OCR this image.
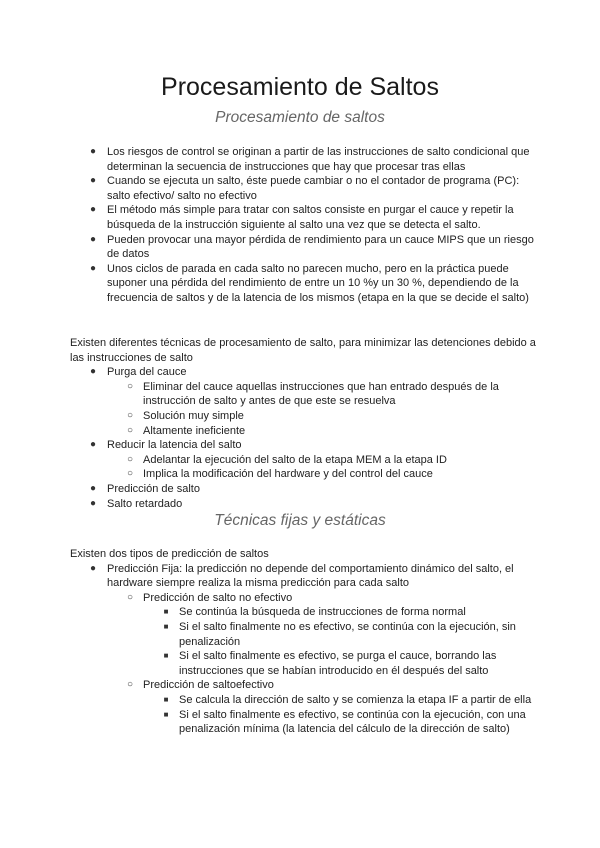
Procesamiento de Saltos
Procesamiento de saltos
● Los riesgos de control se originan a partir de las instrucciones de salto condicional que determinan la secuencia de instrucciones que hay que procesar tras ellas
● Cuando se ejecuta un salto, éste puede cambiar o no el contador de programa (PC): salto efectivo/ salto no efectivo
● El método más simple para tratar con saltos consiste en purgar el cauce y repetir la búsqueda de la instrucción siguiente al salto una vez que se detecta el salto.
● Pueden provocar una mayor pérdida de rendimiento para un cauce MIPS que un riesgo de datos
● Unos ciclos de parada en cada salto no parecen mucho, pero en la práctica puede suponer una pérdida del rendimiento de entre un 10 %y un 30 %, dependiendo de la frecuencia de saltos y de la latencia de los mismos (etapa en la que se decide el salto)

Existen diferentes técnicas de procesamiento de salto, para minimizar las detenciones debido a las instrucciones de salto

● Purga del cauce
○ Eliminar del cauce aquellas instrucciones que han entrado después de la instrucción de salto y antes de que este se resuelva
○ Solución muy simple
○ Altamente ineficiente
● Reducir la latencia del salto
○ Adelantar la ejecución del salto de la etapa MEM a la etapa ID
○ Implica la modificación del hardware y del control del cauce
● Predicción de salto
● Salto retardado
Técnicas fijas y estáticas

Existen dos tipos de predicción de saltos

● Predicción Fija: la predicción no depende del comportamiento dinámico del salto, el hardware siempre realiza la misma predicción para cada salto
○ Predicción de salto no efectivo
■ Se continúa la búsqueda de instrucciones de forma normal
■ Si el salto finalmente no es efectivo, se continúa con la ejecución, sin penalización
■ Si el salto finalmente es efectivo, se purga el cauce, borrando las instrucciones que se habían introducido en él después del salto
○ Predicción de saltoefectivo
■ Se calcula la dirección de salto y se comienza la etapa IF a partir de ella
■ Si el salto finalmente es efectivo, se continúa con la ejecución, con una penalización mínima (la latencia del cálculo de la dirección de salto)
